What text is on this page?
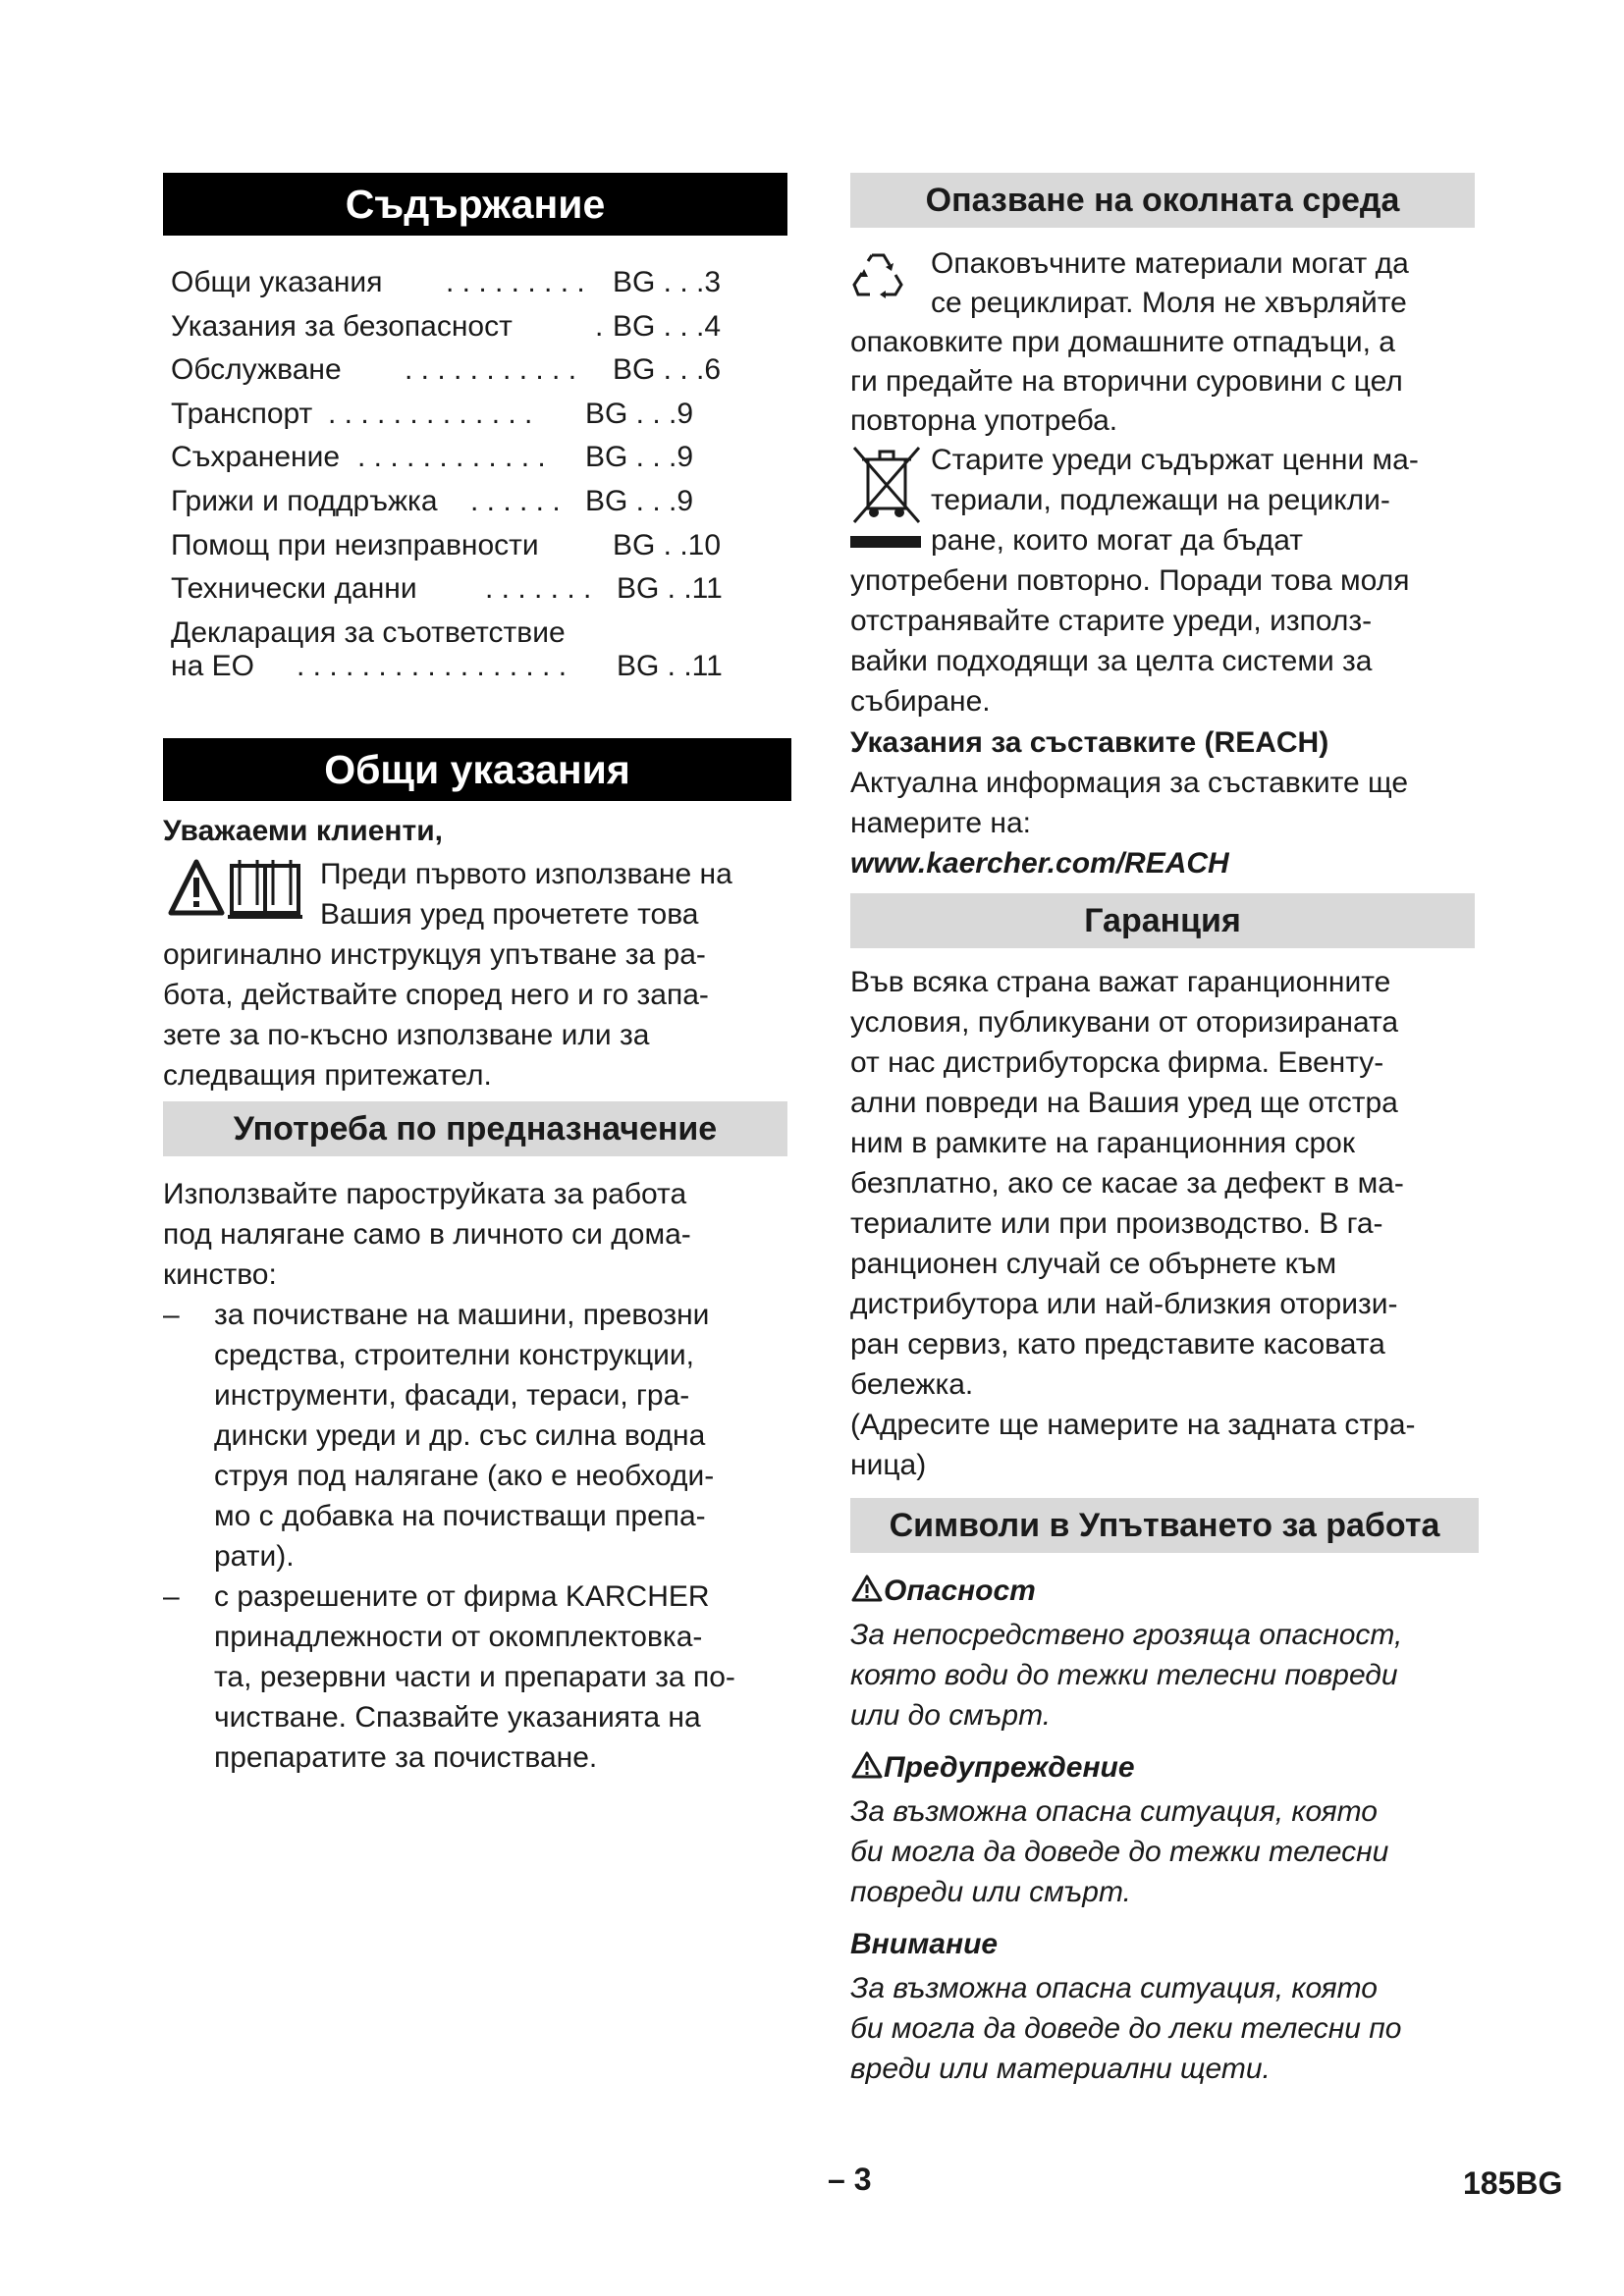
Съдържание
Общи указания . . . . . . . . . BG . . .3
Указания за безопасност	. BG . . .4
Обслужване . . . . . . . . . . . BG . . .6
Транспорт . . . . . . . . . . . . . BG . . .9
Съхранение . . . . . . . . . . . . BG . . .9
Грижи и поддръжка . . . . . . BG . . .9
Помощ при неизправности	BG . .10
Технически данни . . . . . . . BG . .11
Декларация за съответствие
на ЕО . . . . . . . . . . . . . . . . . BG . .11
Общи указания
Уважаеми клиенти,
Преди първото използване на
Вашия уред прочетете това
оригинално инструкцуя упътване за ра-
бота, действайте според него и го запа-
зете за по-късно използване или за
следващия притежател.
Употреба по предназначение
Използвайте пароструйката за работа
под налягане само в личното си дома-
кинство:
– за почистване на машини, превозни
средства, строителни конструкции,
инструменти, фасади, тераси, гра-
дински уреди и др. със силна водна
струя под налягане (ако е необходи-
мо с добавка на почистващи препа-
рати).
– с разрешените от фирма KARCHER
принадлежности от окомплектовка-
та, резервни части и препарати за по-
чистване. Спазвайте указанията на
препаратите за почистване.
Опазване на околната среда
Опаковъчните материали могат да
се рециклират. Моля не хвърляйте
опаковките при домашните отпадъци, а
ги предайте на вторични суровини с цел
повторна употреба.
Старите уреди съдържат ценни ма-
териали, подлежащи на рецикли-
ране, които могат да бъдат
употребени повторно. Поради това моля
отстранявайте старите уреди, използ-
вайки подходящи за целта системи за
събиране.
Указания за съставките (REACH)
Актуална информация за съставките ще
намерите на:
www.kaercher.com/REACH
Гаранция
Във всяка страна важат гаранционните
условия, публикувани от оторизираната
от нас дистрибуторска фирма. Евенту-
ални повреди на Вашия уред ще отстра
ним в рамките на гаранционния срок
безплатно, ако се касае за дефект в ма-
териалите или при производство. В га-
ранционен случай се обърнете към
дистрибутора или най-близкия оторизи-
ран сервиз, като представите касовата
бележка.
(Адресите ще намерите на задната стра-
ница)
Символи в Упътването за работа
Опасност
За непосредствено грозяща опасност,
която води до тежки телесни повреди
или до смърт.
Предупреждение
За възможна опасна ситуация, която
би могла да доведе до тежки телесни
повреди или смърт.
Внимание
За възможна опасна ситуация, която
би могла да доведе до леки телесни по
вреди или материални щети.
– 3	185BG
